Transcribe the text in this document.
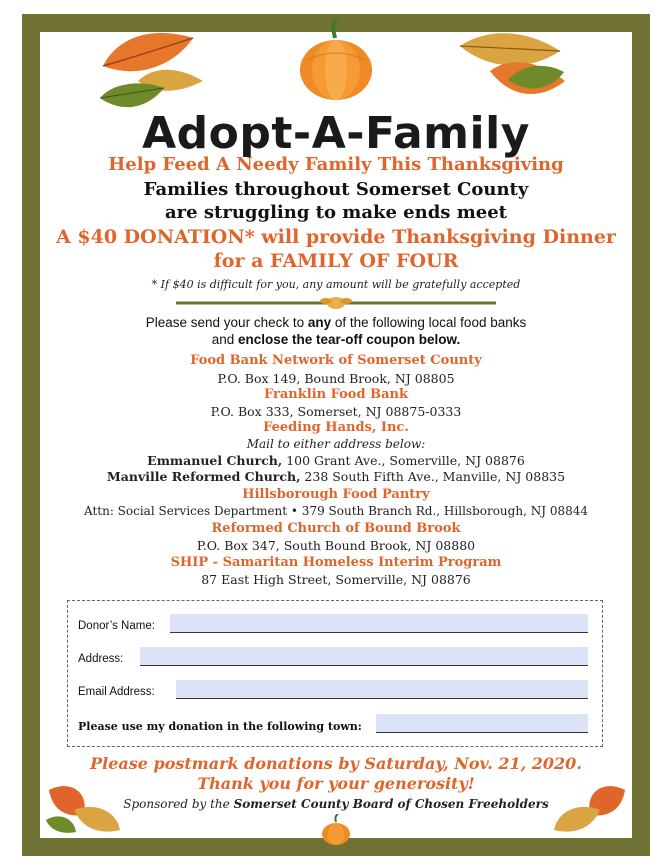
Adopt-A-Family
Help Feed A Needy Family This Thanksgiving
Families throughout Somerset County
are struggling to make ends meet
A $40 DONATION* will provide Thanksgiving Dinner
for a FAMILY OF FOUR
* If $40 is difficult for you, any amount will be gratefully accepted
Please send your check to any of the following local food banks
and enclose the tear-off coupon below.
Food Bank Network of Somerset County
P.O. Box 149, Bound Brook, NJ 08805
Franklin Food Bank
P.O. Box 333, Somerset, NJ 08875-0333
Feeding Hands, Inc.
Mail to either address below:
Emmanuel Church, 100 Grant Ave., Somerville, NJ 08876
Manville Reformed Church, 238 South Fifth Ave., Manville, NJ 08835
Hillsborough Food Pantry
Attn: Social Services Department • 379 South Branch Rd., Hillsborough, NJ 08844
Reformed Church of Bound Brook
P.O. Box 347, South Bound Brook, NJ 08880
SHIP - Samaritan Homeless Interim Program
87 East High Street, Somerville, NJ 08876
Donor’s Name:
Address:
Email Address:
Please use my donation in the following town:
Please postmark donations by Saturday, Nov. 21, 2020.
Thank you for your generosity!
Sponsored by the Somerset County Board of Chosen Freeholders
